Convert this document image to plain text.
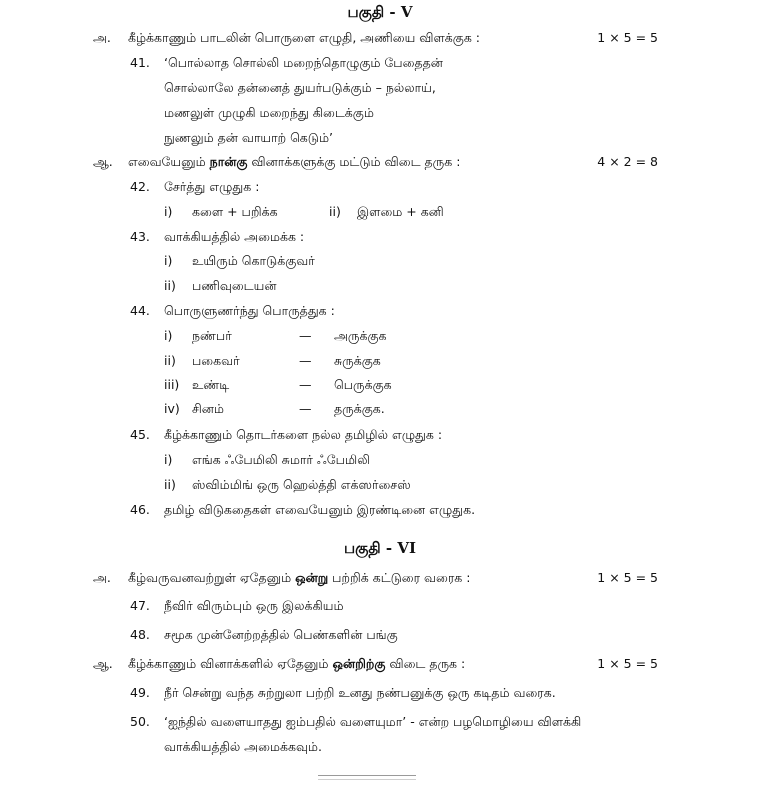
பகுதி - V
அ. கீழ்க்காணும் பாடலின் பொருளை எழுதி, அணியை விளக்குக :	1 × 5 = 5
41. ‘பொல்லாத சொல்லி மறைந்தொழுகும் பேதைதன்
சொல்லாலே தன்னைத் துயர்படுக்கும் – நல்லாய்,
மணலுள் முழுகி மறைந்து கிடைக்கும்
நுணலும் தன் வாயாற் கெடும்’
ஆ. எவையேனும் நான்கு வினாக்களுக்கு மட்டும் விடை தருக :	4 × 2 = 8
42. சேர்த்து எழுதுக :
i) களை + பறிக்க	ii) இளமை + கனி
43. வாக்கியத்தில் அமைக்க :
i) உயிரும் கொடுக்குவர்
ii) பணிவுடையன்
44. பொருளுணர்ந்து பொருத்துக :
i) நண்பர்	— அருக்குக
ii) பகைவர்	— சுருக்குக
iii) உண்டி	— பெருக்குக
iv) சினம்	— தருக்குக.
45. கீழ்க்காணும் தொடர்களை நல்ல தமிழில் எழுதுக :
i) எங்க ஃபேமிலி சுமார் ஃபேமிலி
ii) ஸ்விம்மிங் ஒரு ஹெல்த்தி எக்ஸர்சைஸ்
46. தமிழ் விடுகதைகள் எவையேனும் இரண்டினை எழுதுக.
பகுதி - VI
அ. கீழ்வருவனவற்றுள் ஏதேனும் ஒன்று பற்றிக் கட்டுரை வரைக :	1 × 5 = 5
47. நீவிர் விரும்பும் ஒரு இலக்கியம்
48. சமூக முன்னேற்றத்தில் பெண்களின் பங்கு
ஆ. கீழ்க்காணும் வினாக்களில் ஏதேனும் ஒன்றிற்கு விடை தருக :	1 × 5 = 5
49. நீர் சென்று வந்த சுற்றுலா பற்றி உனது நண்பனுக்கு ஒரு கடிதம் வரைக.
50. ‘ஐந்தில் வளையாதது ஐம்பதில் வளையுமா’ - என்ற பழமொழியை விளக்கி
வாக்கியத்தில் அமைக்கவும்.
